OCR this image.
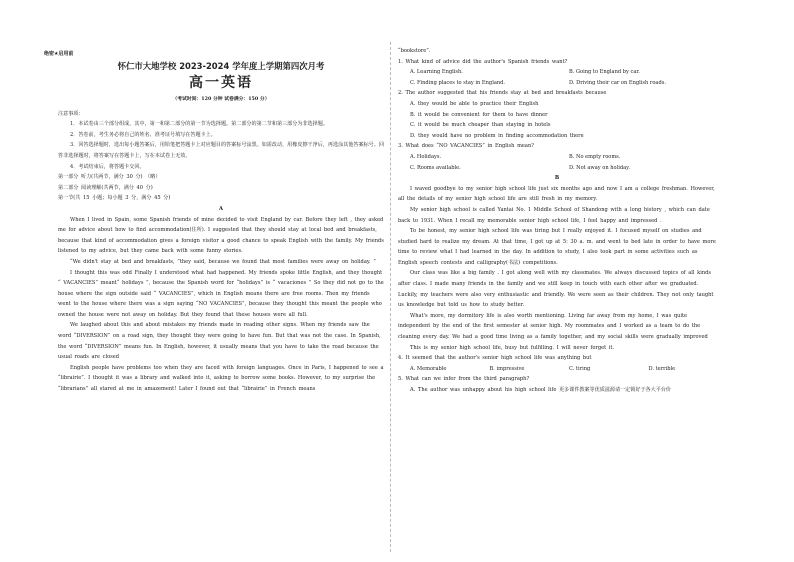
绝密★启用前

怀仁市大地学校 2023-2024 学年度上学期第四次月考

高一英语

（考试时间：120 分钟 试卷满分：150 分）

注意事项：

1．本试卷由三个部分组成，其中，第一和第二部分的第一节为选择题。第二部分的第二节和第三部分为非选择题。

2．答卷前，考生务必将自己的姓名、准考证号填写在答题卡上。

3．回答选择题时，选出每小题答案后，用铅笔把答题卡上对应题目的答案标号涂黑。如需改动，用橡皮擦干净后，再选涂其他答案标号。回答非选择题时，将答案写在答题卡上，写在本试卷上无效。

4．考试结束后，将答题卡交回。

第一部分 听力(共两节，满分 30 分) （略）

第二部分 阅读理解(共两节，满分 40 分)

第一节(共 15 小题；每小题 3 分，满分 45 分)

A

When I lived in Spain, some Spanish friends of mine decided to visit England by car. Before they left , they asked me for advice about how to find accommodation(住所). I suggested that they should stay at local bed and breakfasts, because that kind of accommodation gives a foreign visitor a good chance to speak English with the family. My friends listened to my advice, but they came back with some funny stories.

“We didn't stay at bed and breakfasts, ”they said, because we found that most families were away on holiday. ”

I thought this was odd Finally I understood what had happened. My friends spoke little English, and they thought “ VACANCIES” meant“ holidays ”, because the Spanish word for “holidays” is “ vacaciones ” So they did not go to the house where the sign outside said “ VACANCIES”, which in English means there are free rooms. Then my friends went to the house where there was a sign saying “NO VACANCIES”, because they thought this meant the people who owned the house were not away on holiday. But they found that these houses were all full.

We laughed about this and about mistakes my friends made in reading other signs. When my friends saw the word “DIVERSION” on a road sign, they thought they were going to have fun. But that was not the case. In Spanish, the word “DIVERSION” means fun. In English, however, it usually means that you have to take the road because the usual roads are closed

English people have problems too when they are faced with foreign languages. Once in Paris, I happened to see a “librairie”. I thought it was a library and walked into it, asking to borrow some books. However, to my surprise the “librarians” all stared at me in amazement! Later I found out that “librairie” in French means

“bookstore”.

1. What kind of advice did the author's Spanish friends want?

A. Learning English.	B. Going to England by car.
C. Finding places to stay in England.	D. Driving their car on English roads.

2. The author suggested that his friends stay at bed and breakfasts because

A. they would be able to practice their English

B. it would be convenient for them to have dinner

C. it would be much cheaper than staying in hotels

D. they would have no problem in finding accommodation there

3. What does “NO VACANCIES” in English mean?

A. Holidays.	B. No empty rooms.
C. Rooms available.	D. Not away on holiday.

B

I waved goodbye to my senior high school life just six months ago and now I am a college freshman. However, all the details of my senior high school life are still fresh in my memory.

My senior high school is called Yantai No. 1 Middle School of Shandong with a long history , which can date back to 1931. When I recall my memorable senior high school life, I feel happy and impressed .

To be honest, my senior high school life was tiring but I really enjoyed it. I focused myself on studies and studied hard to realize my dream. At that time, I got up at 5: 30 a. m. and went to bed late in order to have more time to review what I had learned in the day. In addition to study, I also took part in some activities such as English speech contests and calligraphy(书法) competitions.

Our class was like a big family . I got along well with my classmates. We always discussed topics of all kinds after class. I made many friends in the family and we still keep in touch with each other after we graduated. Luckily, my teachers were also very enthusiastic and friendly. We were seen as their children. They not only taught us knowledge but told us how to study better.

What's more, my dormitory life is also worth mentioning. Living far away from my home, I was quite independent by the end of the first semester at senior high. My roommates and I worked as a team to do the cleaning every day. We had a good time living as a family together, and my social skills were gradually improved

This is my senior high school life, busy but fulfilling. I will never forget it.

4. It seemed that the author's senior high school life was anything but

A. Memorable	B. impressive	C. tiring	D. terrible

5. What can we infer from the third paragraph?

A. The author was unhappy about his high school life 更多课件教案等优质滋源请一定锁好于各大平台价
